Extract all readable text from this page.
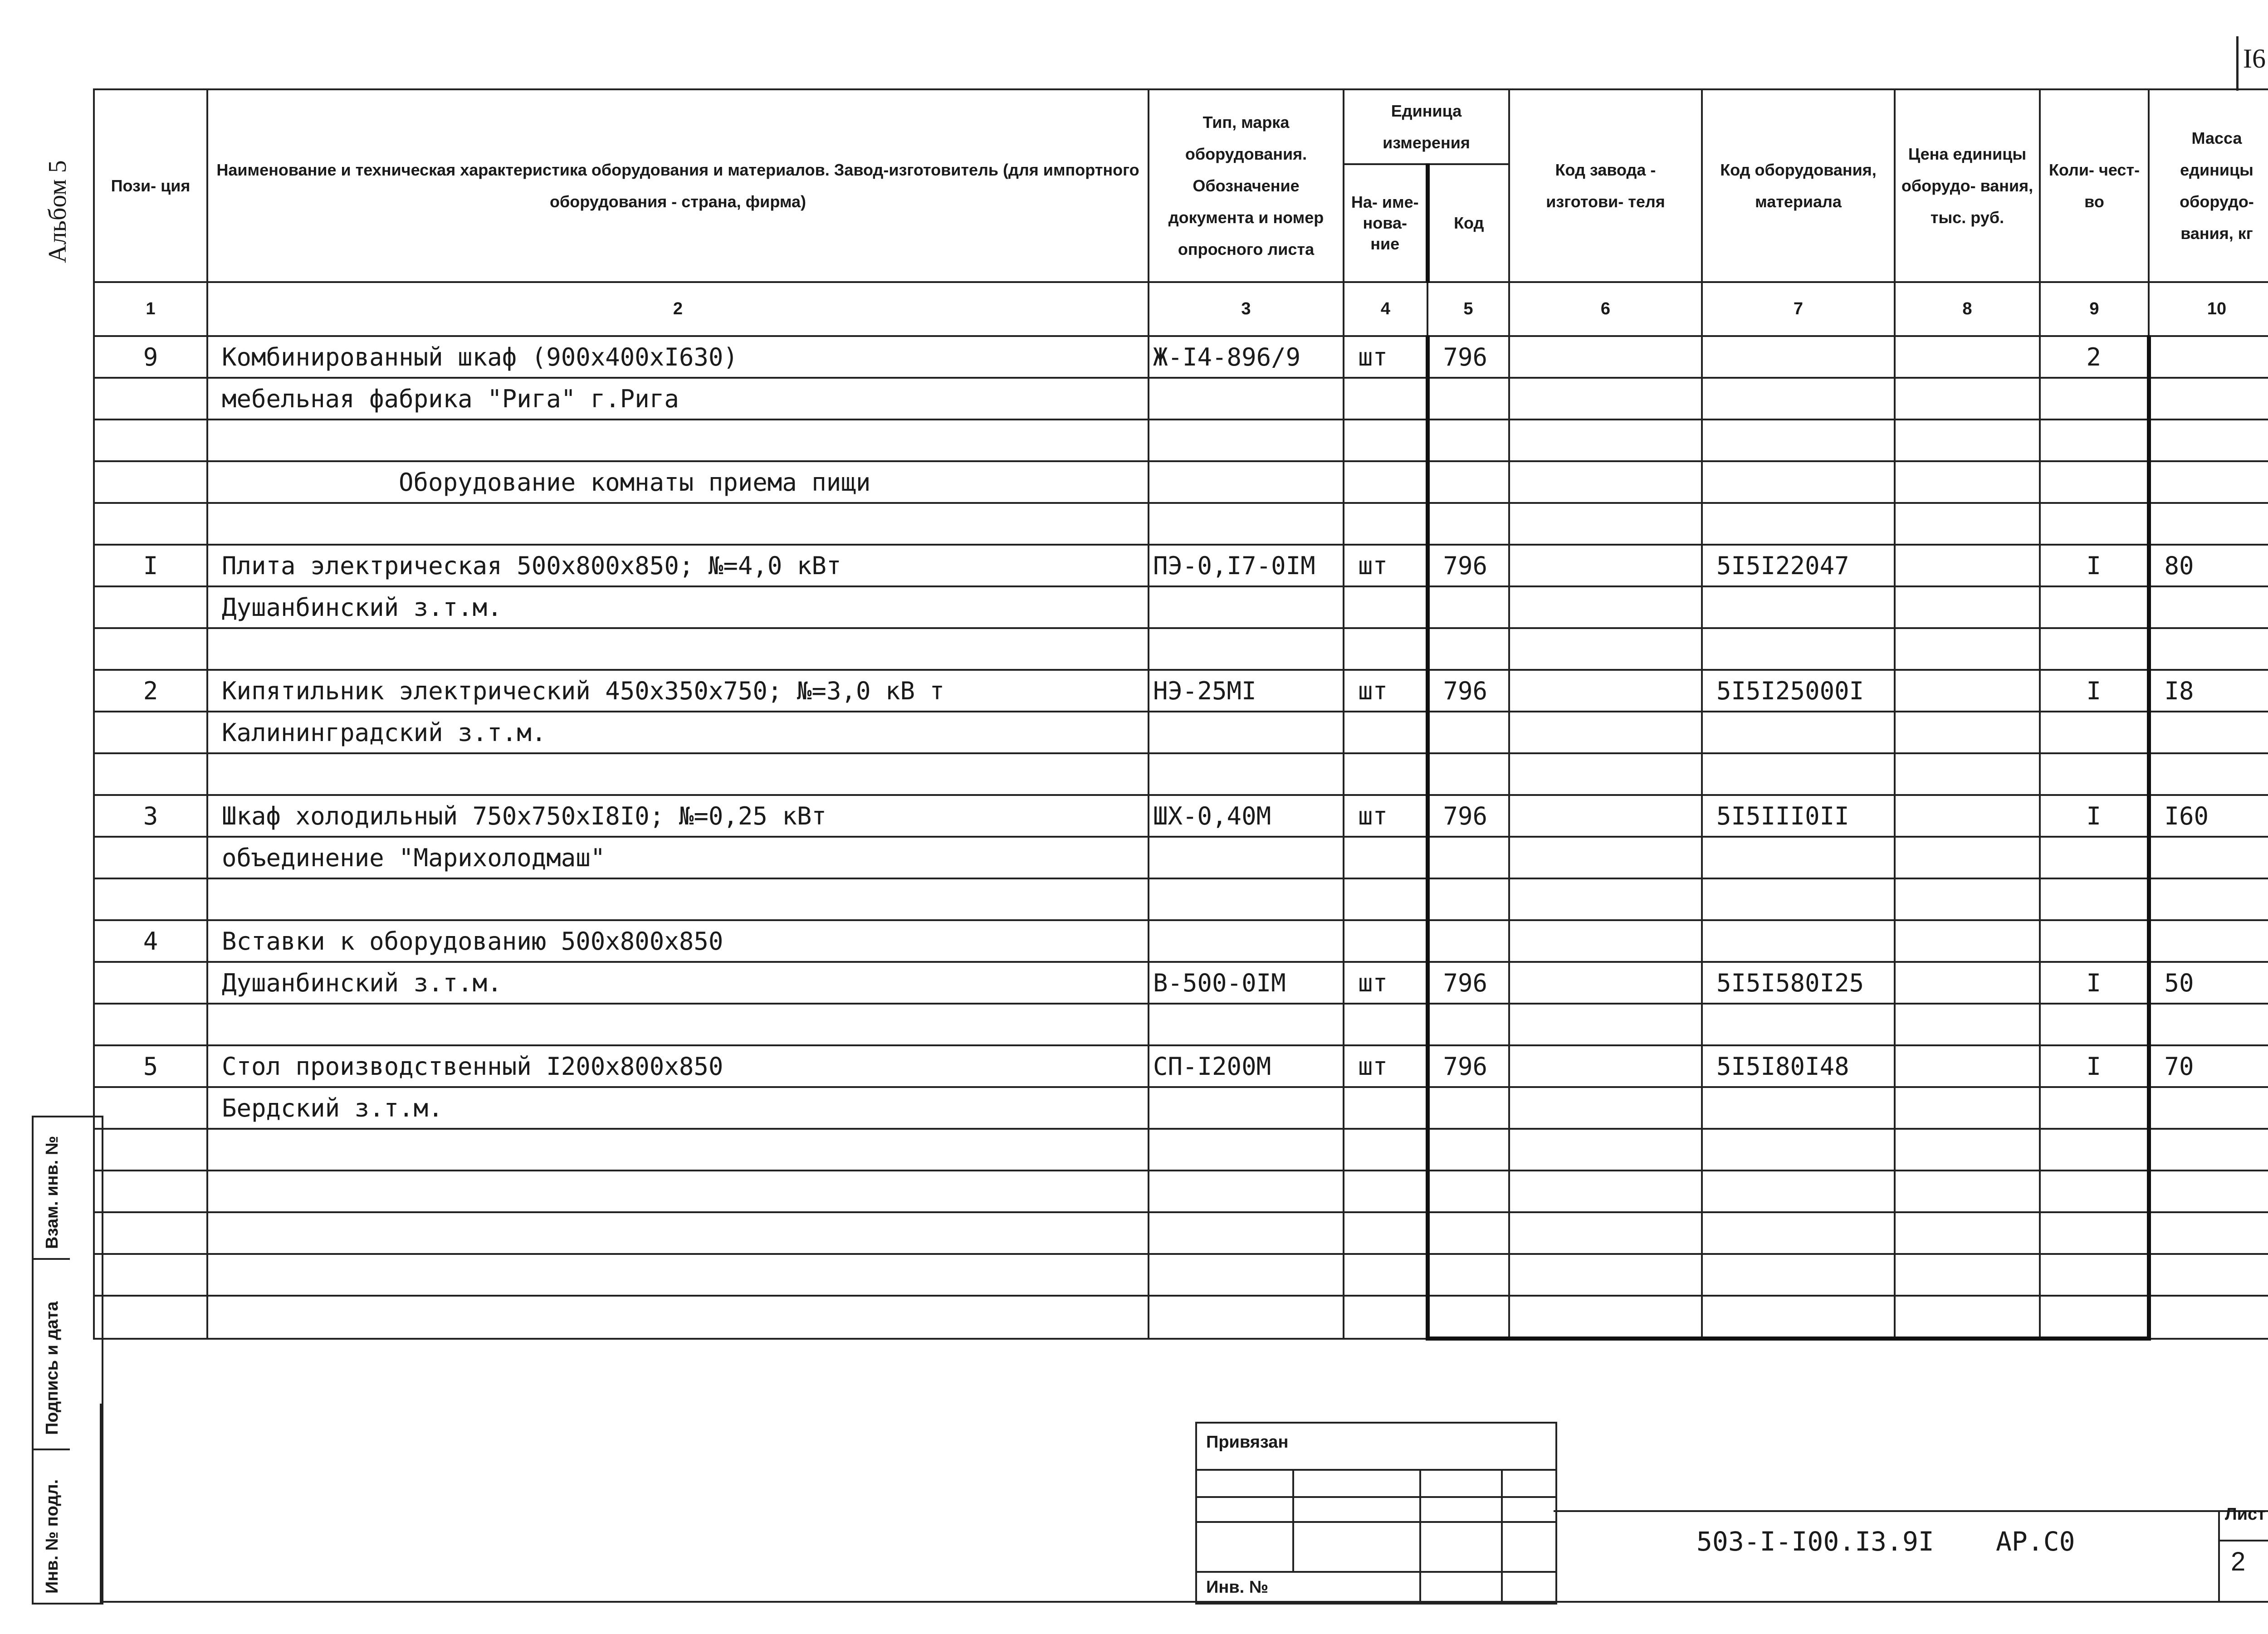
I6
Альбом 5 Пози- ция	Наименование и техническая характеристика оборудования и материалов. Завод-изготовитель (для импортного оборудования - страна, фирма)	Тип, марка оборудования. Обозначение документа и номер опросного листа	Единица измерения		Код завода - изготови- теля	Код оборудования, материала	Цена единицы оборудо- вания, тыс. руб.	Коли- чест- во	Масса единицы оборудо- вания, кг
			На- име- нова- ние	Код					
1	2	3	4	5	6	7	8	9	10
9	Комбинированный шкаф (900x400xI630)	Ж-I4-896/9	шт	796				2	
	мебельная фабрика "Рига" г.Рига								

	Оборудование комнаты приема пищи								

I	Плита электрическая 500x800x850; №=4,0 кВт	ПЭ-0,I7-0IM	шт	796		5I5I22047		I	80
	Душанбинский з.т.м.								

2	Кипятильник электрический 450x350x750; №=3,0 кВ т	НЭ-25МI	шт	796		5I5I25000I		I	I8
	Калининградский з.т.м.								

3	Шкаф холодильный 750x750xI8I0; №=0,25 кВт	ШХ-0,40М	шт	796		5I5III0II		I	I60
	объединение "Марихолодмаш"								

4	Вставки к оборудованию 500x800x850								
	Душанбинский з.т.м.	В-500-0IМ	шт	796		5I5I580I25		I	50

5	Стол производственный I200x800x850	СП-I200М	шт	796		5I5I80I48		I	70
	Бердский з.т.м.								

Взам. инв. №
Подпись и дата
Инв. № подл.
Привязан
Инв. №
503-I-I00.I3.9I АР.С0
Лист
2
